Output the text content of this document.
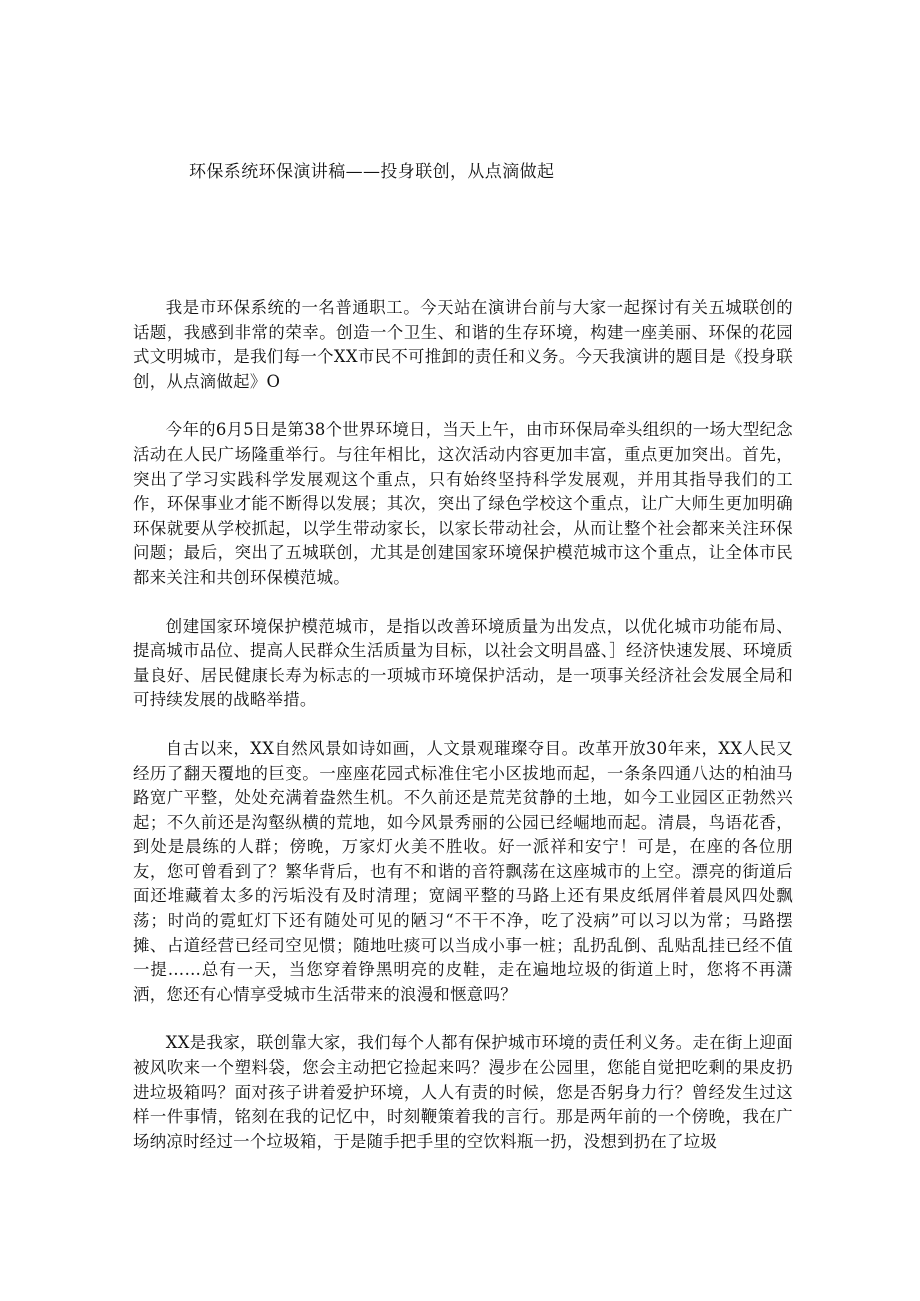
环保系统环保演讲稿——投身联创，从点滴做起

我是市环保系统的一名普通职工。今天站在演讲台前与大家一起探讨有关五城联创的话题，我感到非常的荣幸。创造一个卫生、和谐的生存环境，构建一座美丽、环保的花园式文明城市，是我们每一个XX市民不可推卸的责任和义务。今天我演讲的题目是《投身联创，从点滴做起》O

今年的6月5日是第38个世界环境日，当天上午，由市环保局牵头组织的一场大型纪念活动在人民广场隆重举行。与往年相比，这次活动内容更加丰富，重点更加突出。首先，突出了学习实践科学发展观这个重点，只有始终坚持科学发展观，并用其指导我们的工作，环保事业才能不断得以发展；其次，突出了绿色学校这个重点，让广大师生更加明确环保就要从学校抓起，以学生带动家长，以家长带动社会，从而让整个社会都来关注环保问题；最后，突出了五城联创，尤其是创建国家环境保护模范城市这个重点，让全体市民都来关注和共创环保模范城。

创建国家环境保护模范城市，是指以改善环境质量为出发点，以优化城市功能布局、提高城市品位、提高人民群众生活质量为目标，以社会文明昌盛、］经济快速发展、环境质量良好、居民健康长寿为标志的一项城市环境保护活动，是一项事关经济社会发展全局和可持续发展的战略举措。

自古以来，XX自然风景如诗如画，人文景观璀璨夺目。改革开放30年来，XX人民又经历了翻天覆地的巨变。一座座花园式标准住宅小区拔地而起，一条条四通八达的柏油马路宽广平整，处处充满着盎然生机。不久前还是荒芜贫静的土地，如今工业园区正勃然兴起；不久前还是沟壑纵横的荒地，如今风景秀丽的公园已经崛地而起。清晨，鸟语花香，到处是晨练的人群；傍晚，万家灯火美不胜收。好一派祥和安宁！可是，在座的各位朋友，您可曾看到了？繁华背后，也有不和谐的音符飘荡在这座城市的上空。漂亮的街道后面还堆藏着太多的污垢没有及时清理；宽阔平整的马路上还有果皮纸屑伴着晨风四处飘荡；时尚的霓虹灯下还有随处可见的陋习“不干不净，吃了没病”可以习以为常；马路摆摊、占道经营已经司空见惯；随地吐痰可以当成小事一桩；乱扔乱倒、乱贴乱挂已经不值一提……总有一天，当您穿着铮黑明亮的皮鞋，走在遍地垃圾的街道上时，您将不再潇洒，您还有心情享受城市生活带来的浪漫和惬意吗？

XX是我家，联创靠大家，我们每个人都有保护城市环境的责任利义务。走在街上迎面被风吹来一个塑料袋，您会主动把它捡起来吗？漫步在公园里，您能自觉把吃剩的果皮扔进垃圾箱吗？面对孩子讲着爱护环境，人人有责的时候，您是否躬身力行？曾经发生过这样一件事情，铭刻在我的记忆中，时刻鞭策着我的言行。那是两年前的一个傍晚，我在广场纳凉时经过一个垃圾箱，于是随手把手里的空饮料瓶一扔，没想到扔在了垃圾
